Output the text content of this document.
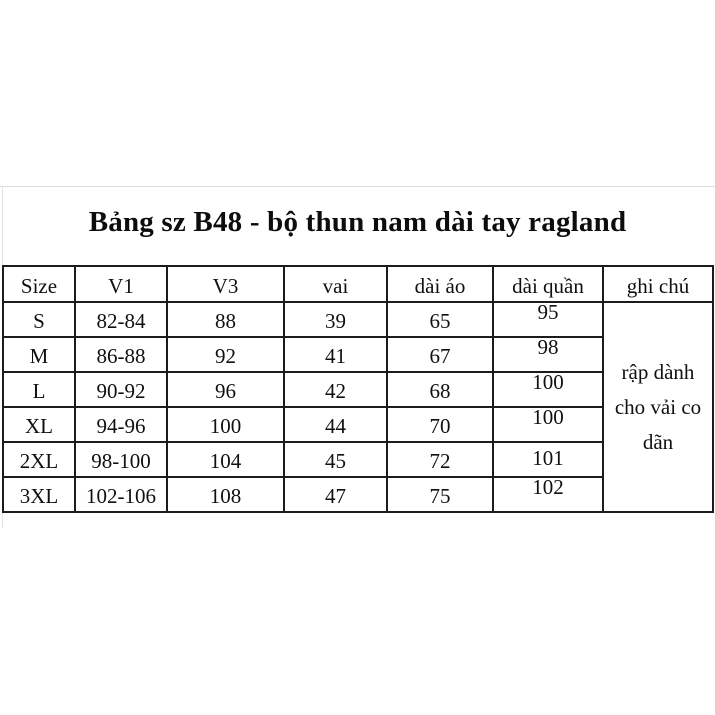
Bảng sz B48 - bộ thun nam dài tay ragland
Size	V1	V3	vai	dài áo	dài quần	ghi chú
S	82-84	88	39	65	95	rập dành cho vải co dãn
M	86-88	92	41	67	98	
L	90-92	96	42	68	100	
XL	94-96	100	44	70	100	
2XL	98-100	104	45	72	101	
3XL	102-106	108	47	75	102	
